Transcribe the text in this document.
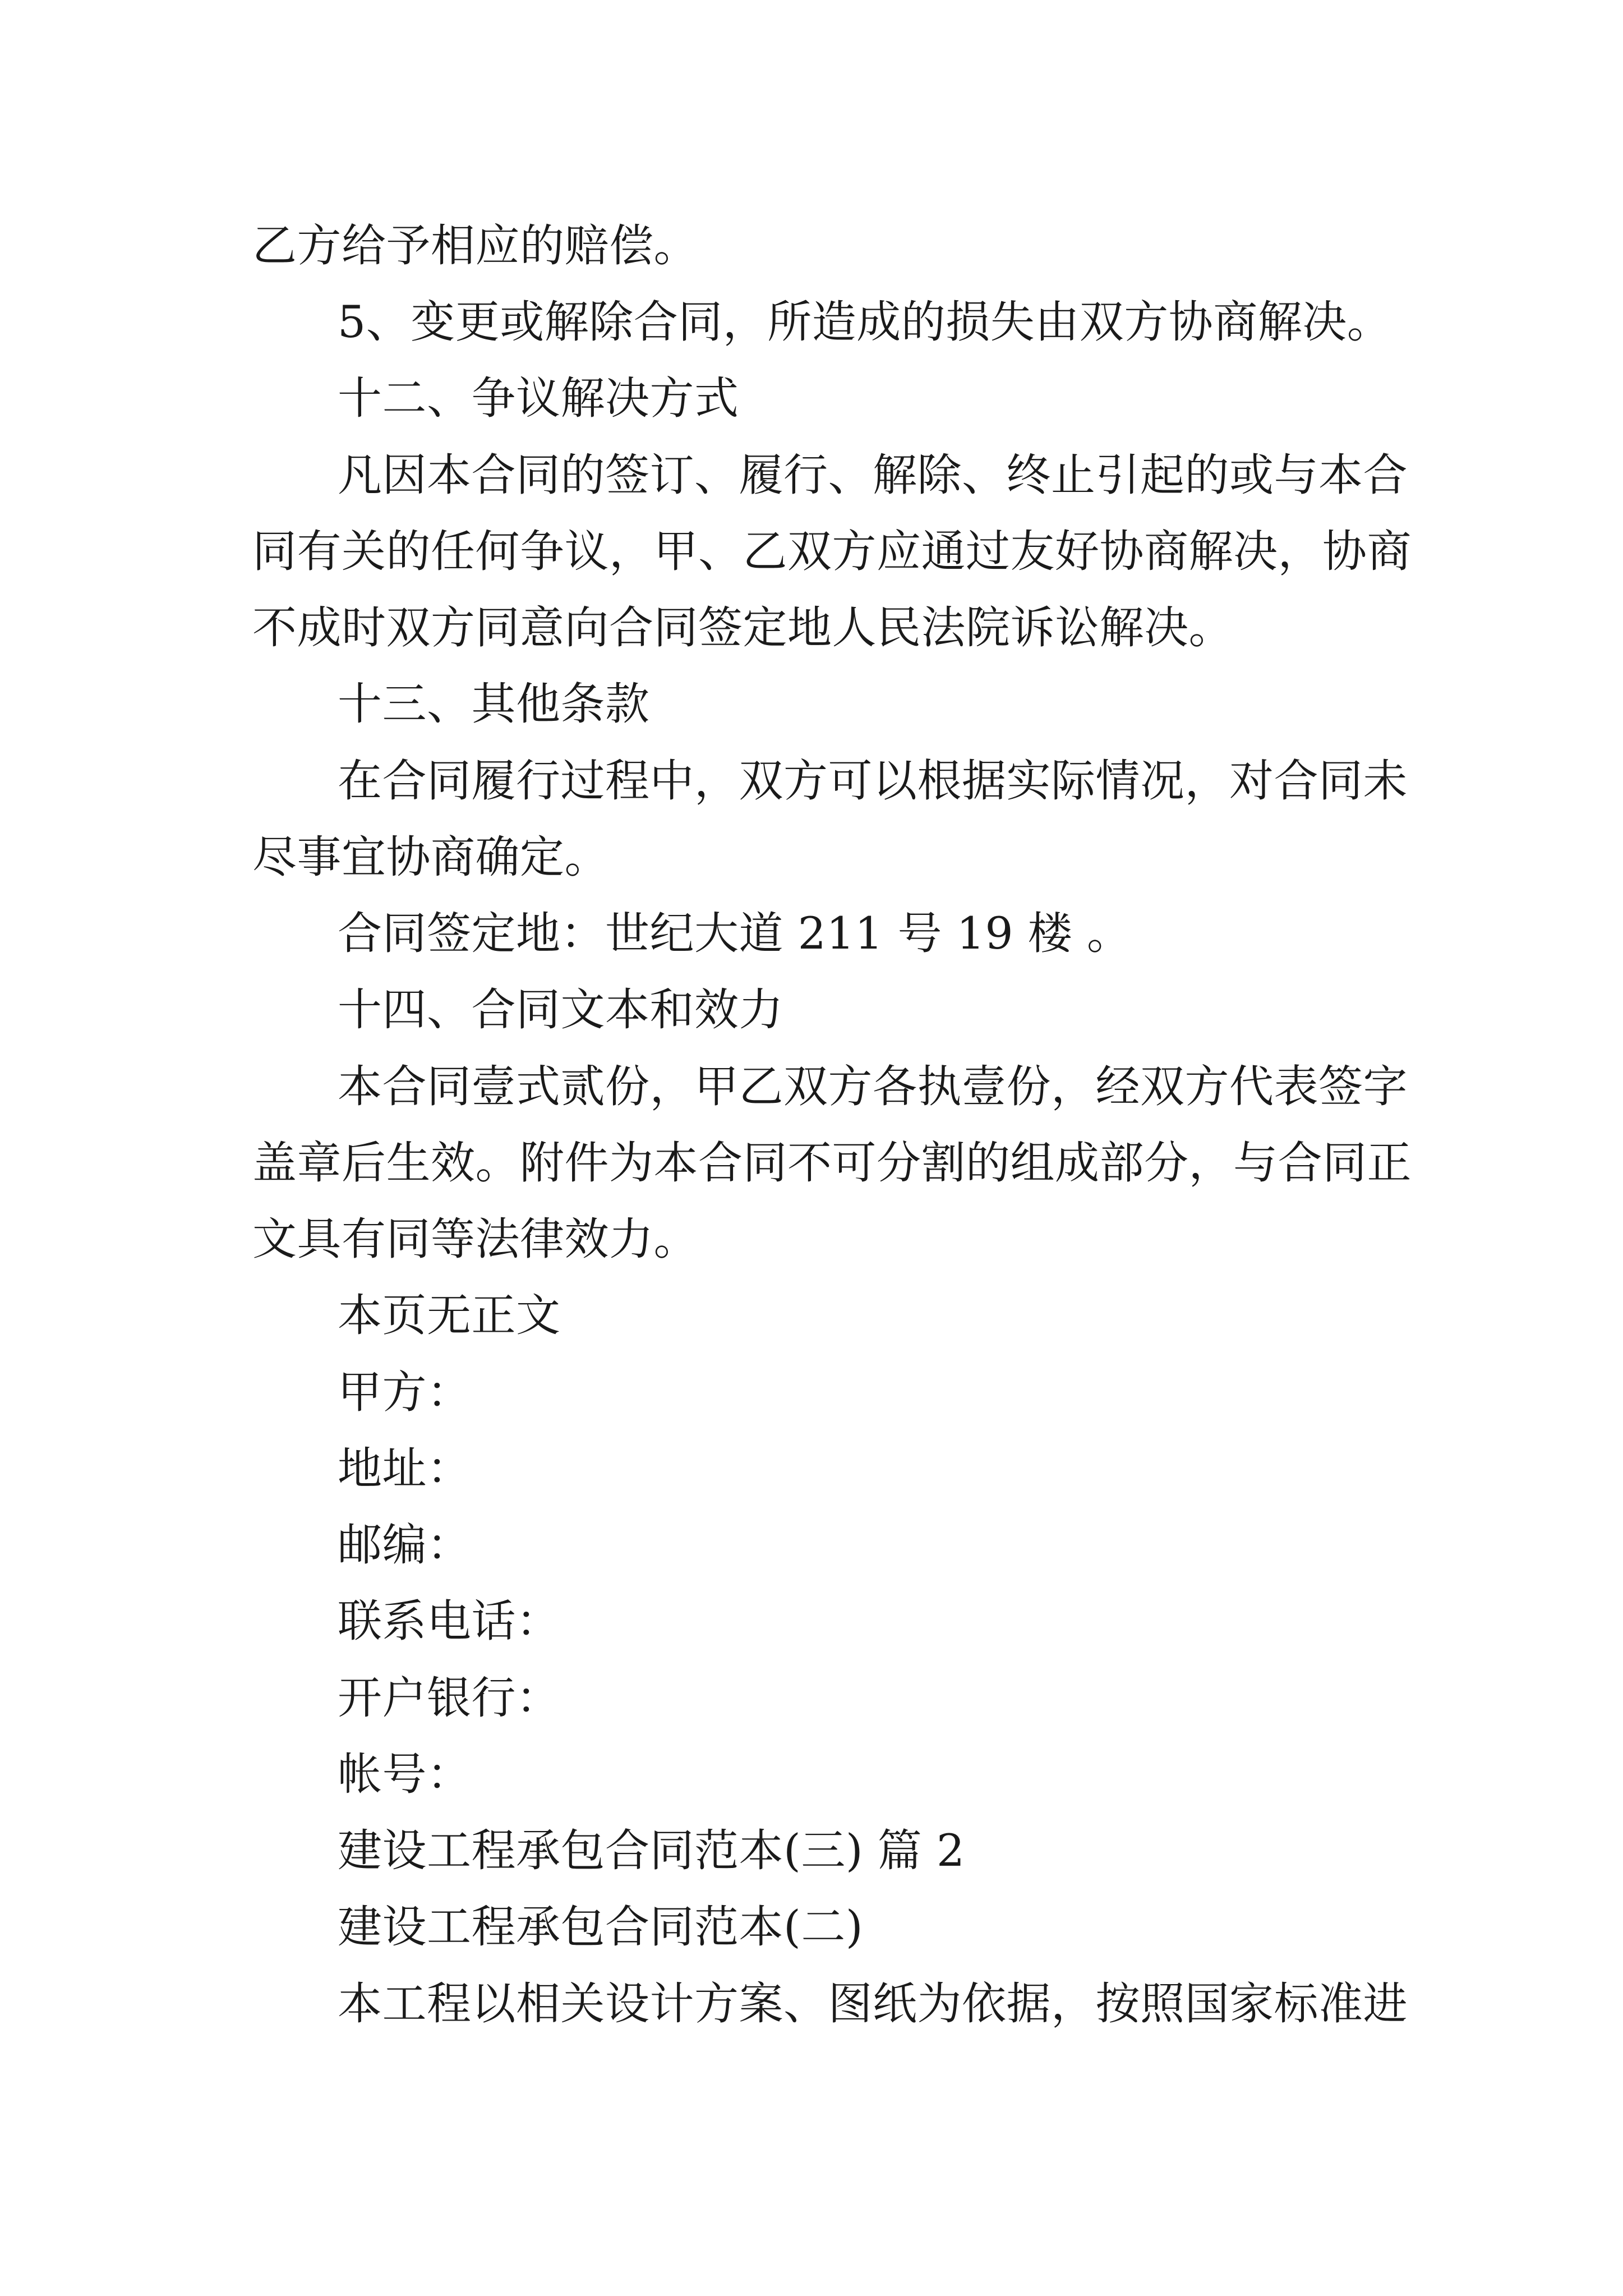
乙方给予相应的赔偿。
5、变更或解除合同，所造成的损失由双方协商解决。
十二、争议解决方式
凡因本合同的签订、履行、解除、终止引起的或与本合
同有关的任何争议，甲、乙双方应通过友好协商解决，协商
不成时双方同意向合同签定地人民法院诉讼解决。
十三、其他条款
在合同履行过程中，双方可以根据实际情况，对合同未
尽事宜协商确定。
合同签定地：世纪大道 211 号 19 楼 。
十四、合同文本和效力
本合同壹式贰份，甲乙双方各执壹份，经双方代表签字
盖章后生效。附件为本合同不可分割的组成部分，与合同正
文具有同等法律效力。
本页无正文
甲方：
地址：
邮编：
联系电话：
开户银行：
帐号：
建设工程承包合同范本(三) 篇 2
建设工程承包合同范本(二)
本工程以相关设计方案、图纸为依据，按照国家标准进
